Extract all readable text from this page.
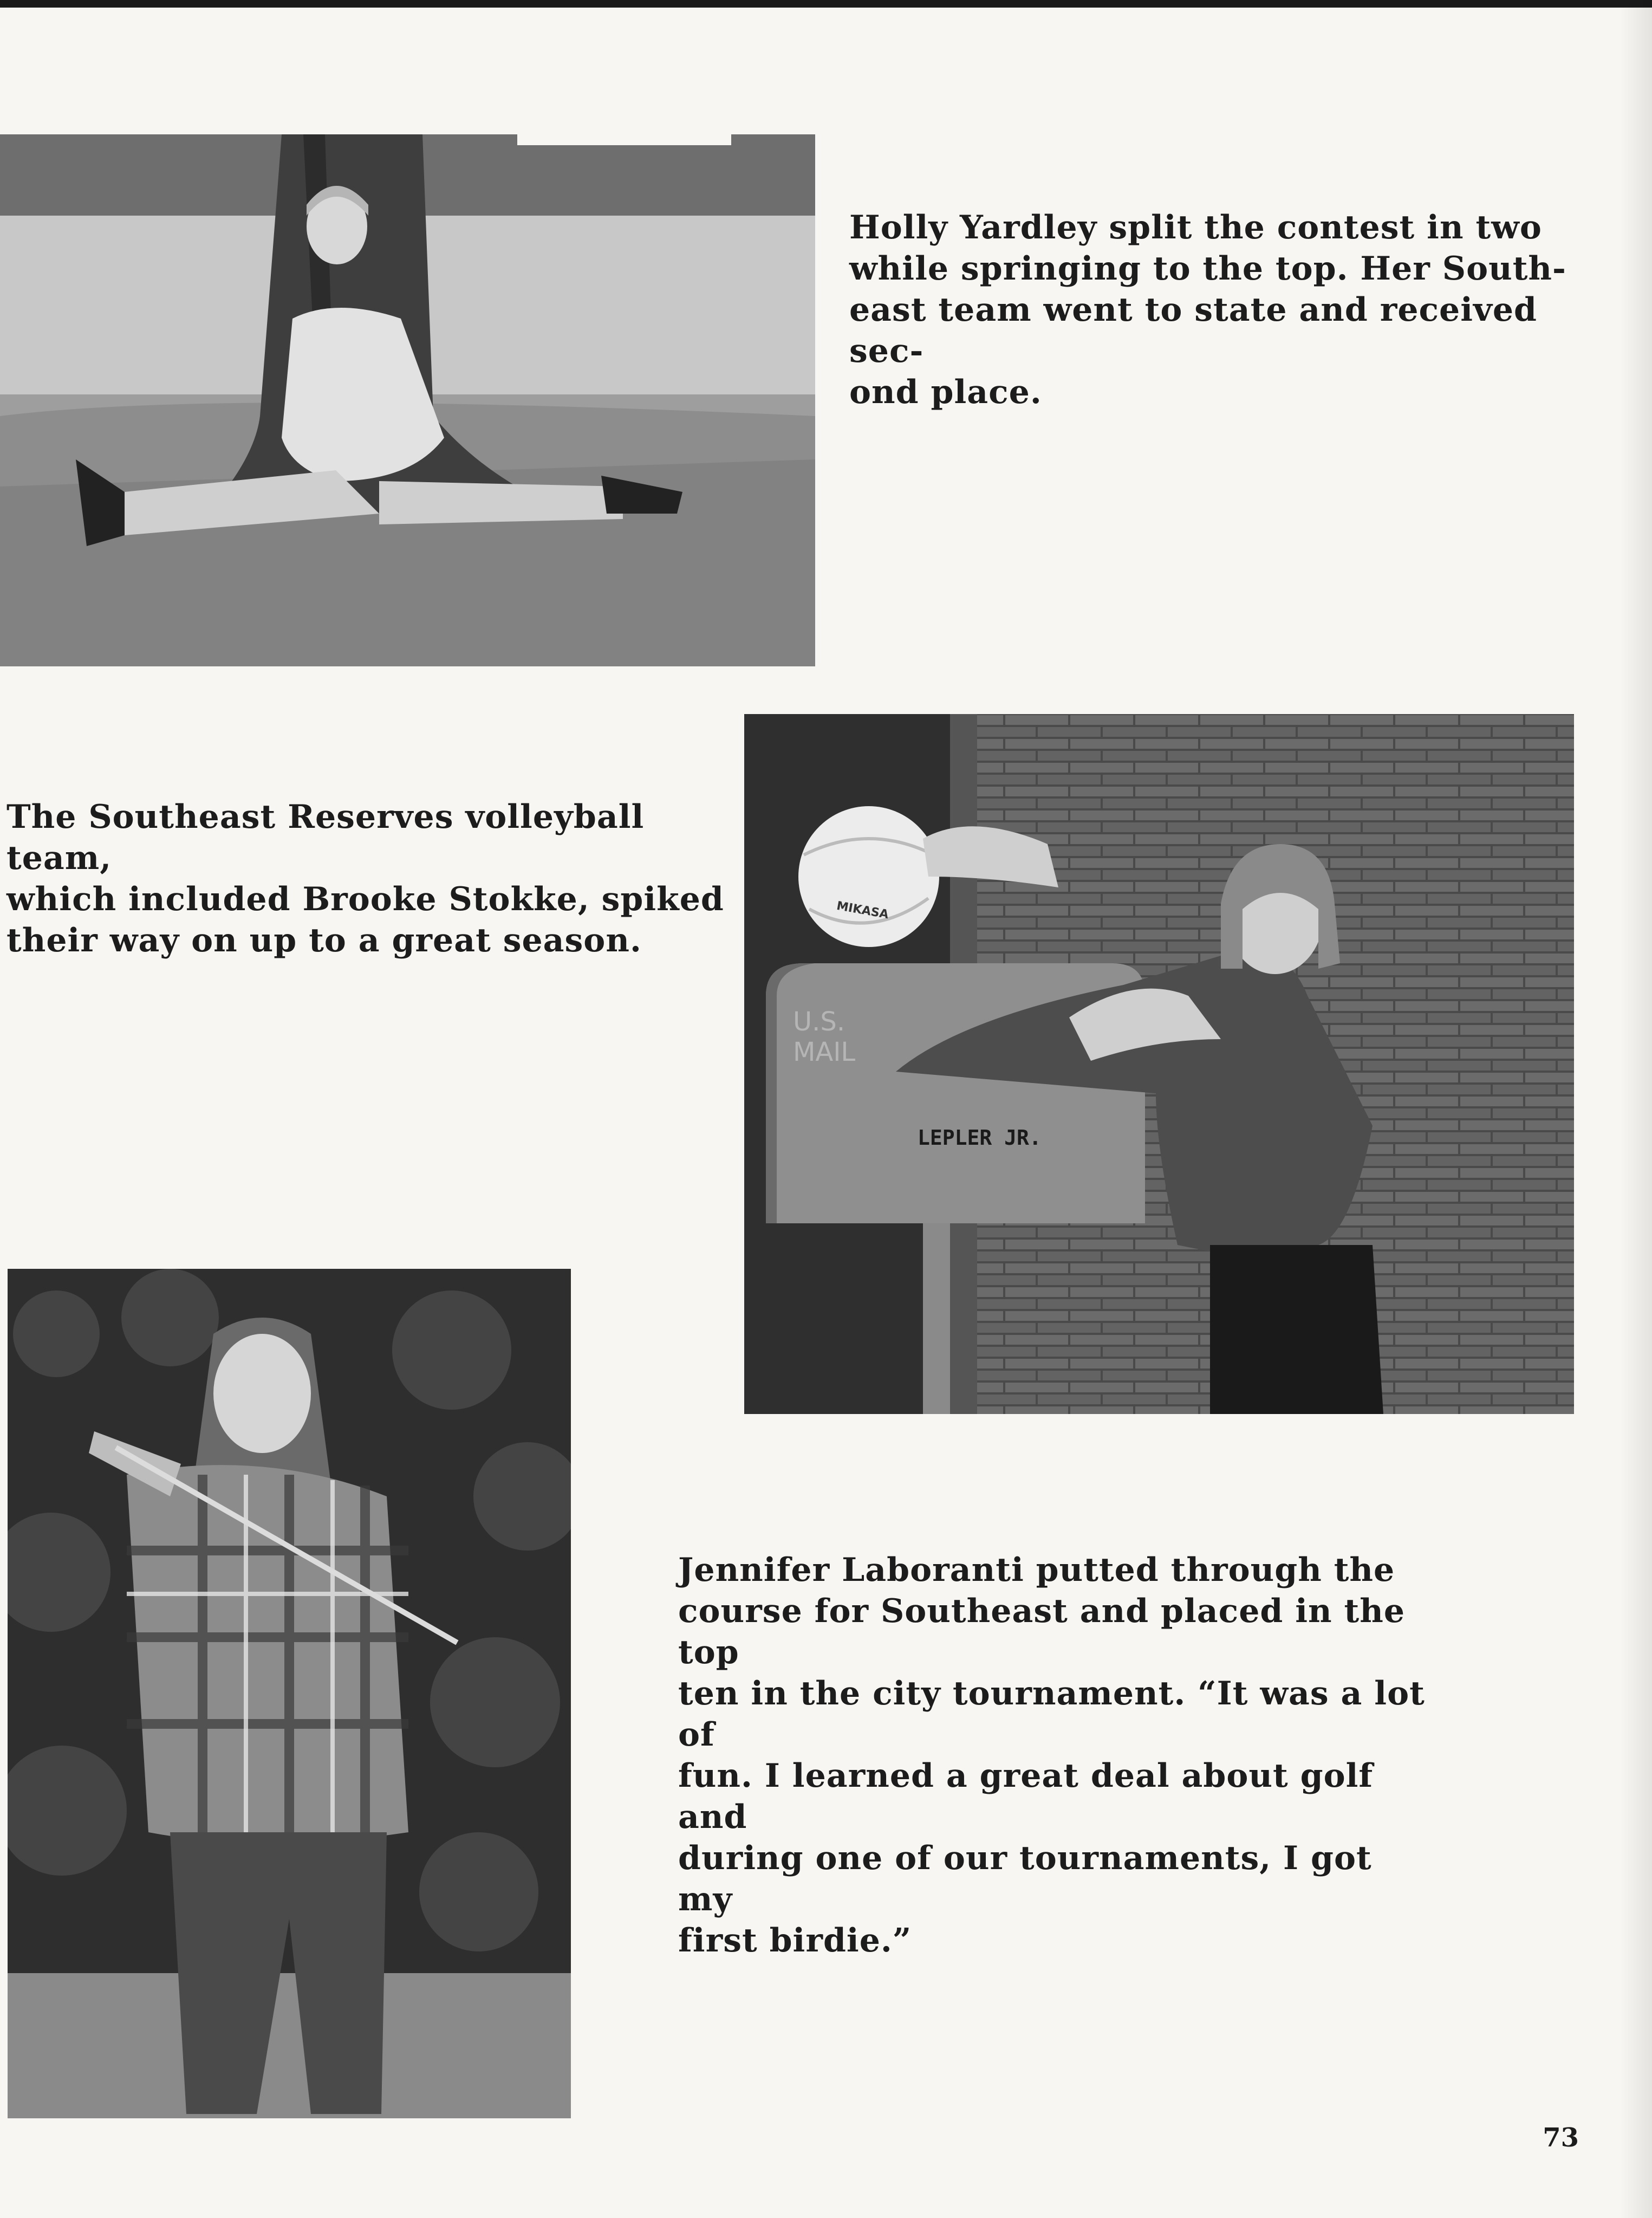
Holly Yardley split the contest in two
while springing to the top. Her South-
east team went to state and received sec-
ond place.

MIKASA
U.S.
MAIL
LEPLER JR.

The Southeast Reserves volleyball team,
which included Brooke Stokke, spiked
their way on up to a great season.

Jennifer Laboranti putted through the
course for Southeast and placed in the top
ten in the city tournament. “It was a lot of
fun. I learned a great deal about golf and
during one of our tournaments, I got my
first birdie.”

73
